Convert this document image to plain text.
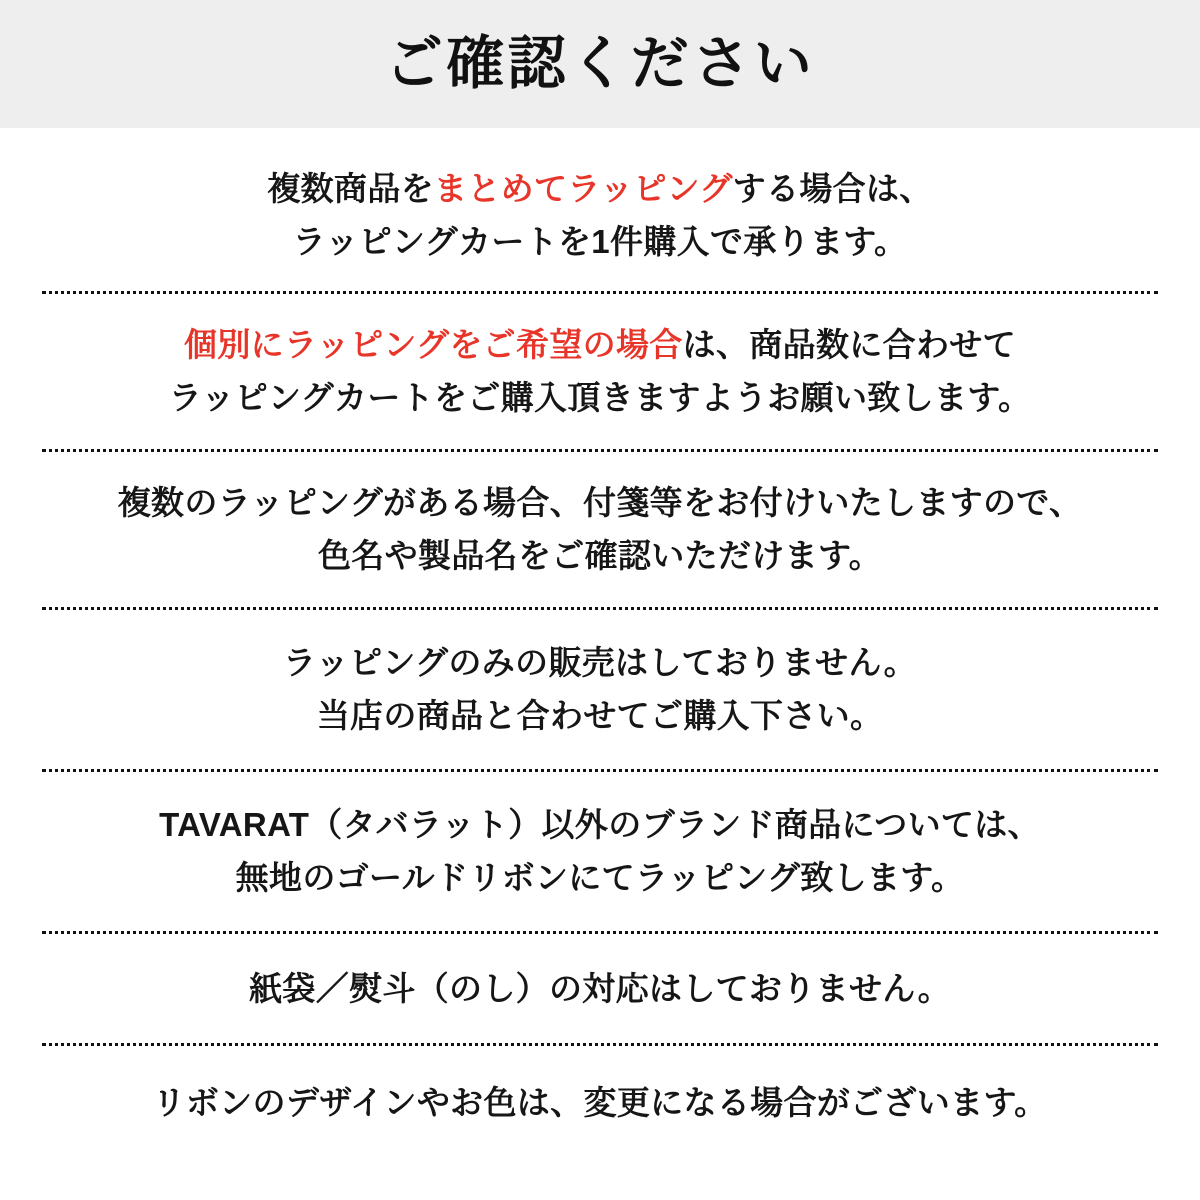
ご確認ください
複数商品をまとめてラッピングする場合は、
ラッピングカートを1件購入で承ります。
個別にラッピングをご希望の場合は、商品数に合わせて
ラッピングカートをご購入頂きますようお願い致します。
複数のラッピングがある場合、付箋等をお付けいたしますので、
色名や製品名をご確認いただけます。
ラッピングのみの販売はしておりません。
当店の商品と合わせてご購入下さい。
TAVARAT（タバラット）以外のブランド商品については、
無地のゴールドリボンにてラッピング致します。
紙袋／熨斗（のし）の対応はしておりません。
リボンのデザインやお色は、変更になる場合がございます。
